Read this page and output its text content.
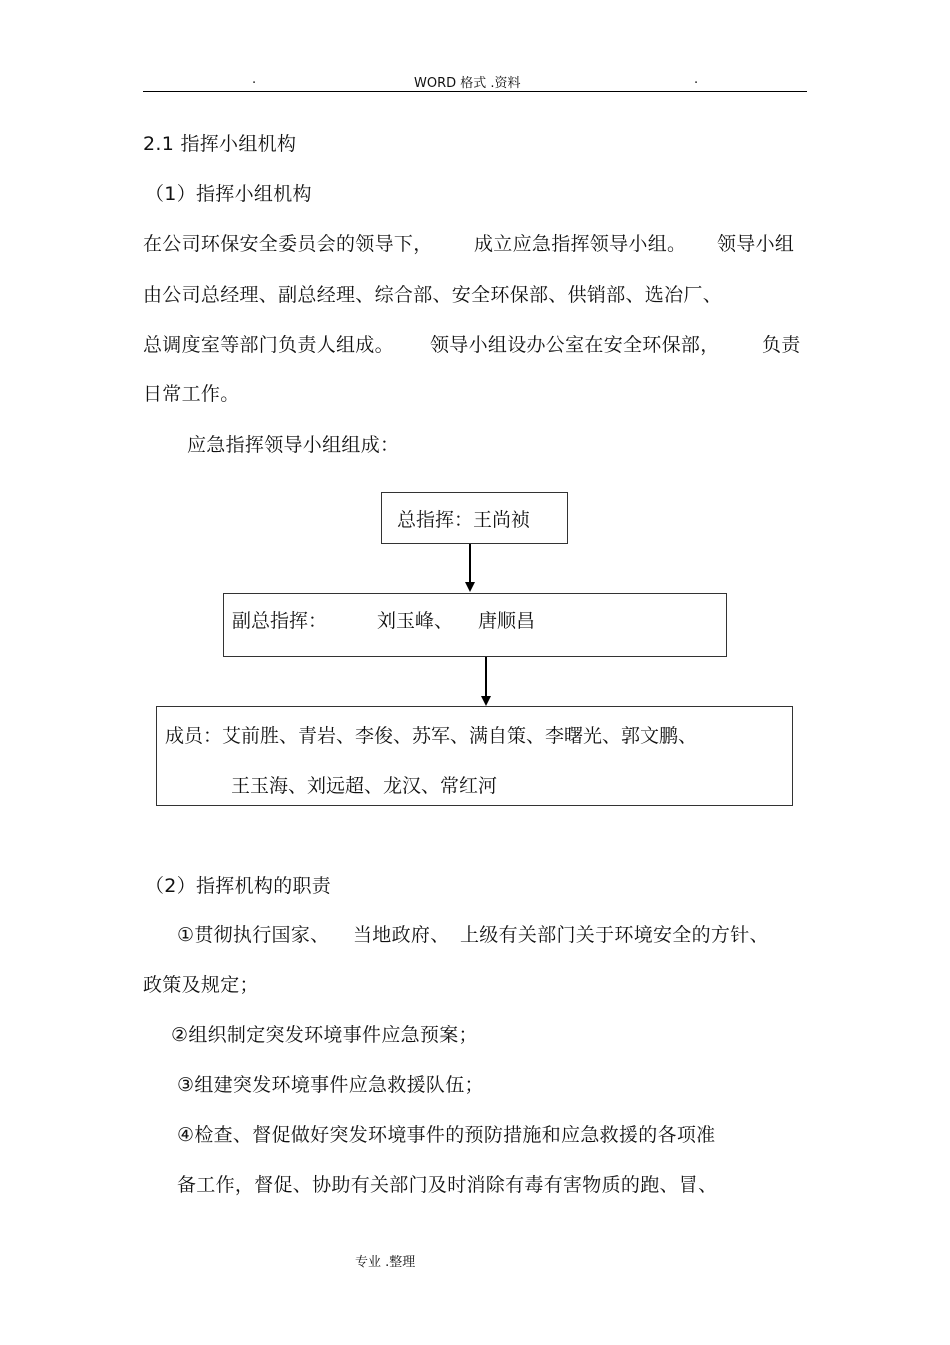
.	WORD 格式 .资料	.
2.1 指挥小组机构
（1）指挥小组机构
在公司环保安全委员会的领导下， 成立应急指挥领导小组。 领导小组
由公司总经理、副总经理、综合部、安全环保部、供销部、选冶厂、
总调度室等部门负责人组成。 领导小组设办公室在安全环保部， 负责
日常工作。
应急指挥领导小组组成：
总指挥：王尚祯
副总指挥：	刘玉峰、 唐顺昌
成员：艾前胜、青岩、李俊、苏军、满自策、李曙光、郭文鹏、
王玉海、刘远超、龙汉、常红河
（2）指挥机构的职责
①贯彻执行国家、 当地政府、 上级有关部门关于环境安全的方针、
政策及规定；
②组织制定突发环境事件应急预案；
③组建突发环境事件应急救援队伍；
④检查、督促做好突发环境事件的预防措施和应急救援的各项准
备工作，督促、协助有关部门及时消除有毒有害物质的跑、冒、
专业 .整理
